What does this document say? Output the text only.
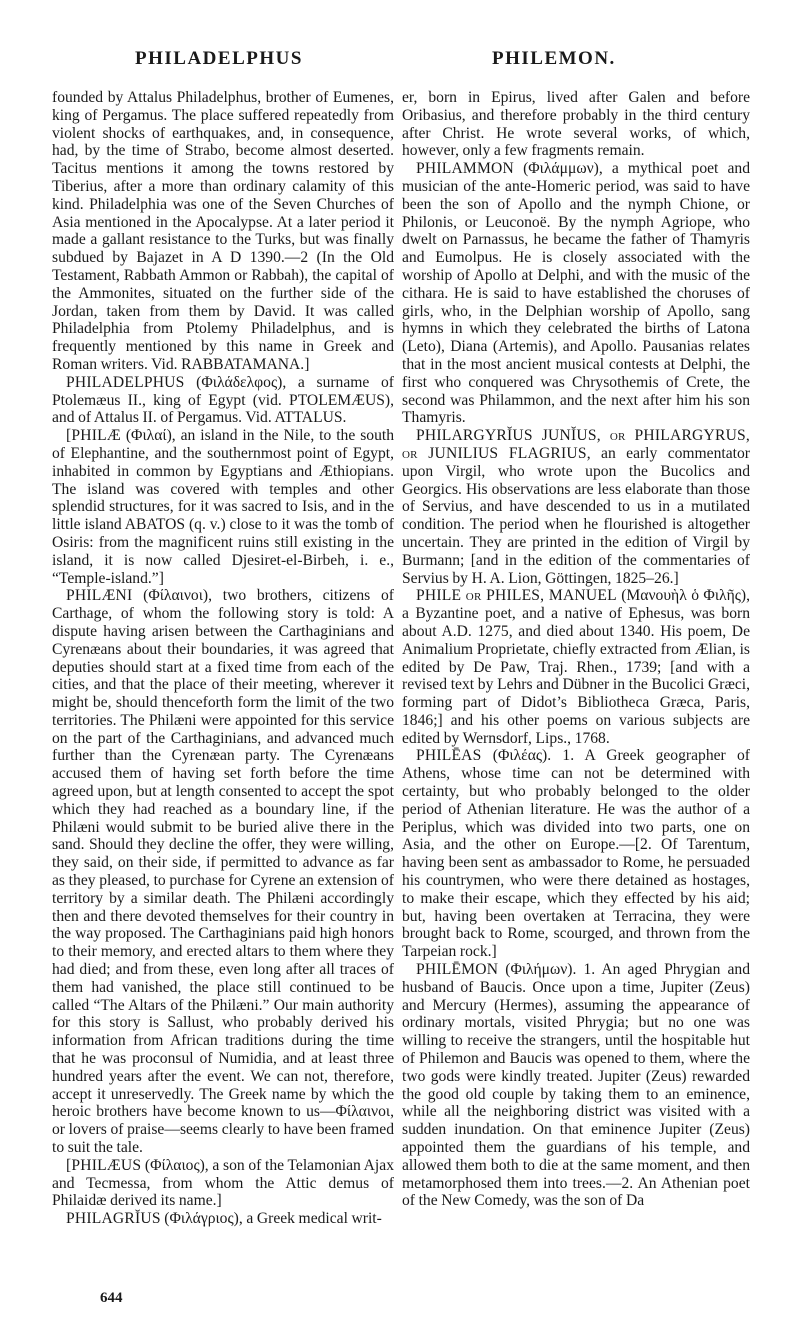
PHILADELPHUS	PHILEMON.

founded by Attalus Philadelphus, brother of Eumenes, king of Pergamus. The place suffered repeatedly from violent shocks of earthquakes, and, in consequence, had, by the time of Strabo, become almost deserted. Tacitus mentions it among the towns restored by Tiberius, after a more than ordinary calamity of this kind. Philadelphia was one of the Seven Churches of Asia mentioned in the Apocalypse. At a later period it made a gallant resistance to the Turks, but was finally subdued by Bajazet in A D 1390.—2 (In the Old Testament, Rabbath Ammon or Rabbah), the capital of the Ammonites, situated on the further side of the Jordan, taken from them by David. It was called Philadelphia from Ptolemy Philadelphus, and is frequently mentioned by this name in Greek and Roman writers. Vid. RABBATAMANA.]

PHILADELPHUS (Φιλάδελφος), a surname of Ptolemæus II., king of Egypt (vid. PTOLEMÆUS), and of Attalus II. of Pergamus. Vid. ATTALUS.

[PHILÆ (Φιλαί), an island in the Nile, to the south of Elephantine, and the southernmost point of Egypt, inhabited in common by Egyptians and Æthiopians. The island was covered with temples and other splendid structures, for it was sacred to Isis, and in the little island ABATOS (q. v.) close to it was the tomb of Osiris: from the magnificent ruins still existing in the island, it is now called Djesiret-el-Birbeh, i. e., “Temple-island.”]

PHILÆNI (Φίλαινοι), two brothers, citizens of Carthage, of whom the following story is told: A dispute having arisen between the Carthaginians and Cyrenæans about their boundaries, it was agreed that deputies should start at a fixed time from each of the cities, and that the place of their meeting, wherever it might be, should thenceforth form the limit of the two territories. The Philæni were appointed for this service on the part of the Carthaginians, and advanced much further than the Cyrenæan party. The Cyrenæans accused them of having set forth before the time agreed upon, but at length consented to accept the spot which they had reached as a boundary line, if the Philæni would submit to be buried alive there in the sand. Should they decline the offer, they were willing, they said, on their side, if permitted to advance as far as they pleased, to purchase for Cyrene an extension of territory by a similar death. The Philæni accordingly then and there devoted themselves for their country in the way proposed. The Carthaginians paid high honors to their memory, and erected altars to them where they had died; and from these, even long after all traces of them had vanished, the place still continued to be called “The Altars of the Philæni.” Our main authority for this story is Sallust, who probably derived his information from African traditions during the time that he was proconsul of Numidia, and at least three hundred years after the event. We can not, therefore, accept it unreservedly. The Greek name by which the heroic brothers have become known to us—Φίλαινοι, or lovers of praise—seems clearly to have been framed to suit the tale.

[PHILÆUS (Φίλαιος), a son of the Telamonian Ajax and Tecmessa, from whom the Attic demus of Philaidæ derived its name.]

PHILAGRĬUS (Φιλάγριος), a Greek medical writ-

er, born in Epirus, lived after Galen and before Oribasius, and therefore probably in the third century after Christ. He wrote several works, of which, however, only a few fragments remain.

PHILAMMON (Φιλάμμων), a mythical poet and musician of the ante-Homeric period, was said to have been the son of Apollo and the nymph Chione, or Philonis, or Leuconoë. By the nymph Agriope, who dwelt on Parnassus, he became the father of Thamyris and Eumolpus. He is closely associated with the worship of Apollo at Delphi, and with the music of the cithara. He is said to have established the choruses of girls, who, in the Delphian worship of Apollo, sang hymns in which they celebrated the births of Latona (Leto), Diana (Artemis), and Apollo. Pausanias relates that in the most ancient musical contests at Delphi, the first who conquered was Chrysothemis of Crete, the second was Philammon, and the next after him his son Thamyris.

PHILARGYRĬUS JUNĬUS, or PHILARGYRUS, or JUNILIUS FLAGRIUS, an early commentator upon Virgil, who wrote upon the Bucolics and Georgics. His observations are less elaborate than those of Servius, and have descended to us in a mutilated condition. The period when he flourished is altogether uncertain. They are printed in the edition of Virgil by Burmann; [and in the edition of the commentaries of Servius by H. A. Lion, Göttingen, 1825–26.]

PHILE or PHILES, MANUEL (Μανουὴλ ὁ Φιλῆς), a Byzantine poet, and a native of Ephesus, was born about A.D. 1275, and died about 1340. His poem, De Animalium Proprietate, chiefly extracted from Ælian, is edited by De Paw, Traj. Rhen., 1739; [and with a revised text by Lehrs and Dübner in the Bucolici Græci, forming part of Didot’s Bibliotheca Græca, Paris, 1846;] and his other poems on various subjects are edited by Wernsdorf, Lips., 1768.

PHILĒAS (Φιλέας). 1. A Greek geographer of Athens, whose time can not be determined with certainty, but who probably belonged to the older period of Athenian literature. He was the author of a Periplus, which was divided into two parts, one on Asia, and the other on Europe.—[2. Of Tarentum, having been sent as ambassador to Rome, he persuaded his countrymen, who were there detained as hostages, to make their escape, which they effected by his aid; but, having been overtaken at Terracina, they were brought back to Rome, scourged, and thrown from the Tarpeian rock.]

PHILĒMON (Φιλήμων). 1. An aged Phrygian and husband of Baucis. Once upon a time, Jupiter (Zeus) and Mercury (Hermes), assuming the appearance of ordinary mortals, visited Phrygia; but no one was willing to receive the strangers, until the hospitable hut of Philemon and Baucis was opened to them, where the two gods were kindly treated. Jupiter (Zeus) rewarded the good old couple by taking them to an eminence, while all the neighboring district was visited with a sudden inundation. On that eminence Jupiter (Zeus) appointed them the guardians of his temple, and allowed them both to die at the same moment, and then metamorphosed them into trees.—2. An Athenian poet of the New Comedy, was the son of Da

644
